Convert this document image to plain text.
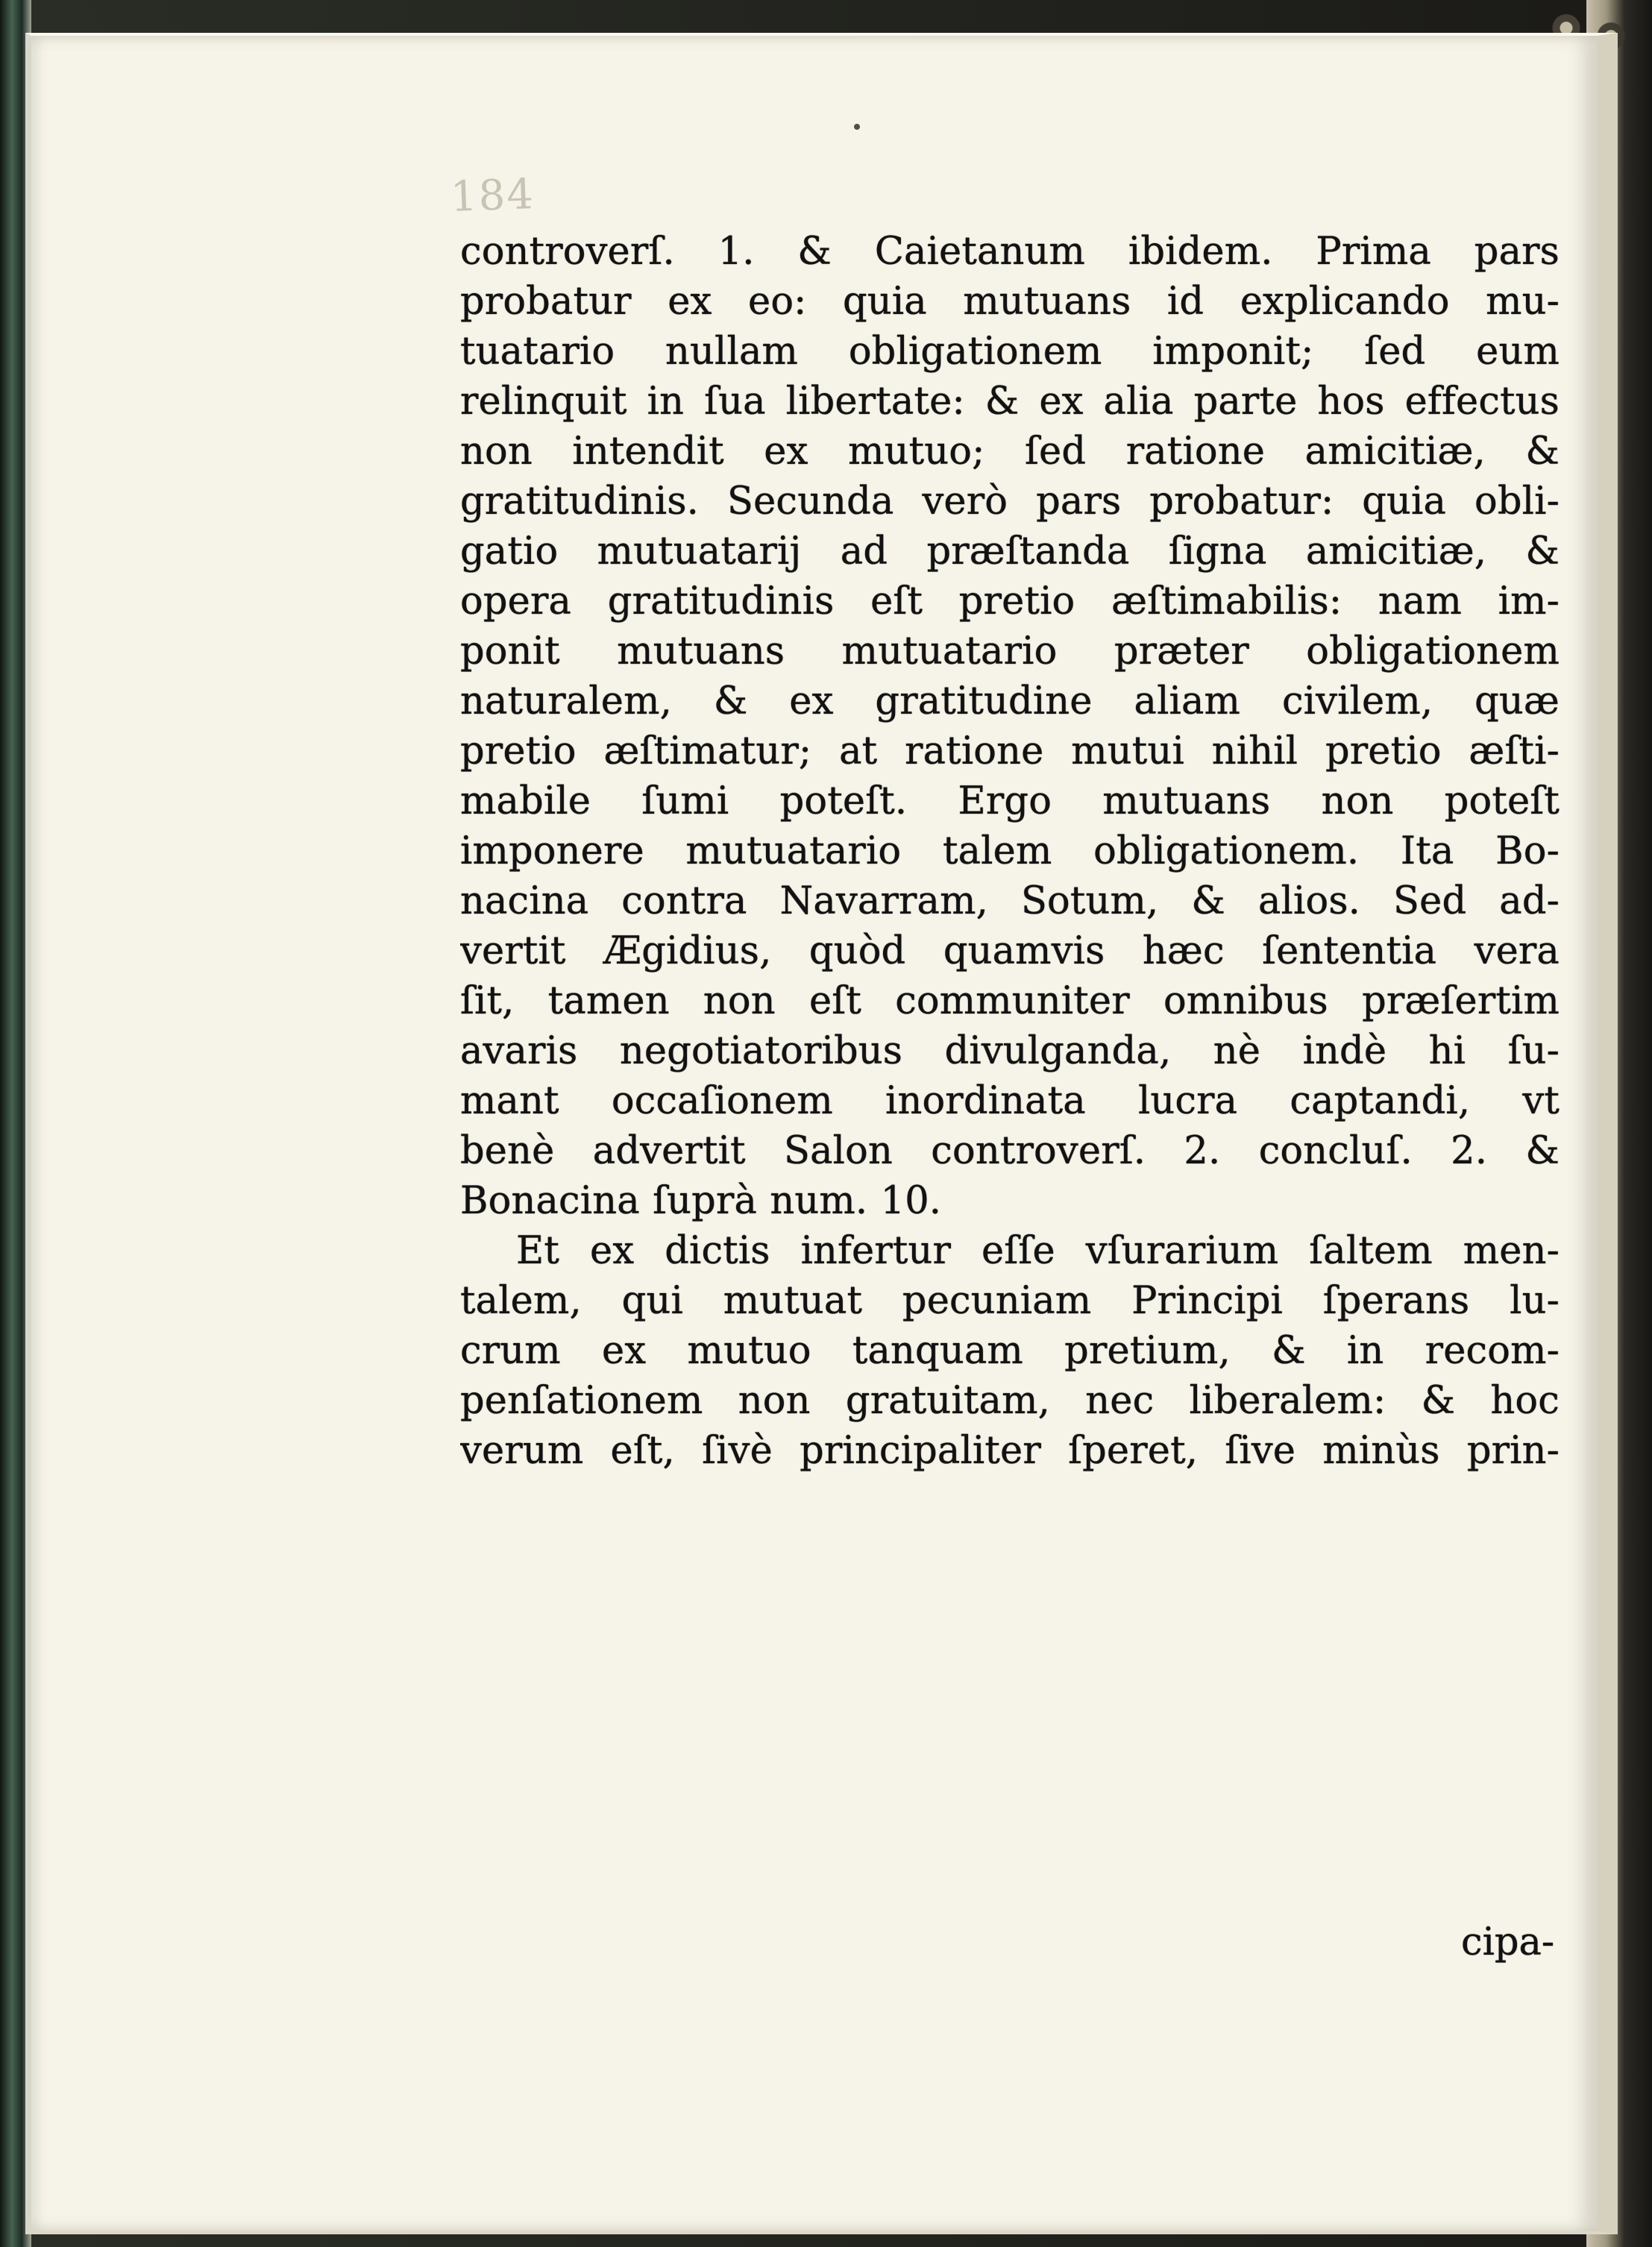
184
controverſ. 1. & Caietanum ibidem. Prima pars
probatur ex eo: quia mutuans id explicando mu-
tuatario nullam obligationem imponit; ſed eum
relinquit in ſua libertate: & ex alia parte hos effectus
non intendit ex mutuo; ſed ratione amicitiæ, &
gratitudinis. Secunda verò pars probatur: quia obli-
gatio mutuatarij ad præſtanda ſigna amicitiæ, &
opera gratitudinis eſt pretio æſtimabilis: nam im-
ponit mutuans mutuatario præter obligationem
naturalem, & ex gratitudine aliam civilem, quæ
pretio æſtimatur; at ratione mutui nihil pretio æſti-
mabile ſumi poteſt. Ergo mutuans non poteſt
imponere mutuatario talem obligationem. Ita Bo-
nacina contra Navarram, Sotum, & alios. Sed ad-
vertit Ægidius, quòd quamvis hæc ſententia vera
ſit, tamen non eſt communiter omnibus præſertim
avaris negotiatoribus divulganda, nè indè hi ſu-
mant occaſionem inordinata lucra captandi, vt
benè advertit Salon controverſ. 2. concluſ. 2. &
Bonacina ſuprà num. 10.
Et ex dictis infertur eſſe vſurarium ſaltem men-
talem, qui mutuat pecuniam Principi ſperans lu-
crum ex mutuo tanquam pretium, & in recom-
penſationem non gratuitam, nec liberalem: & hoc
verum eſt, ſivè principaliter ſperet, ſive minùs prin-
cipa-
